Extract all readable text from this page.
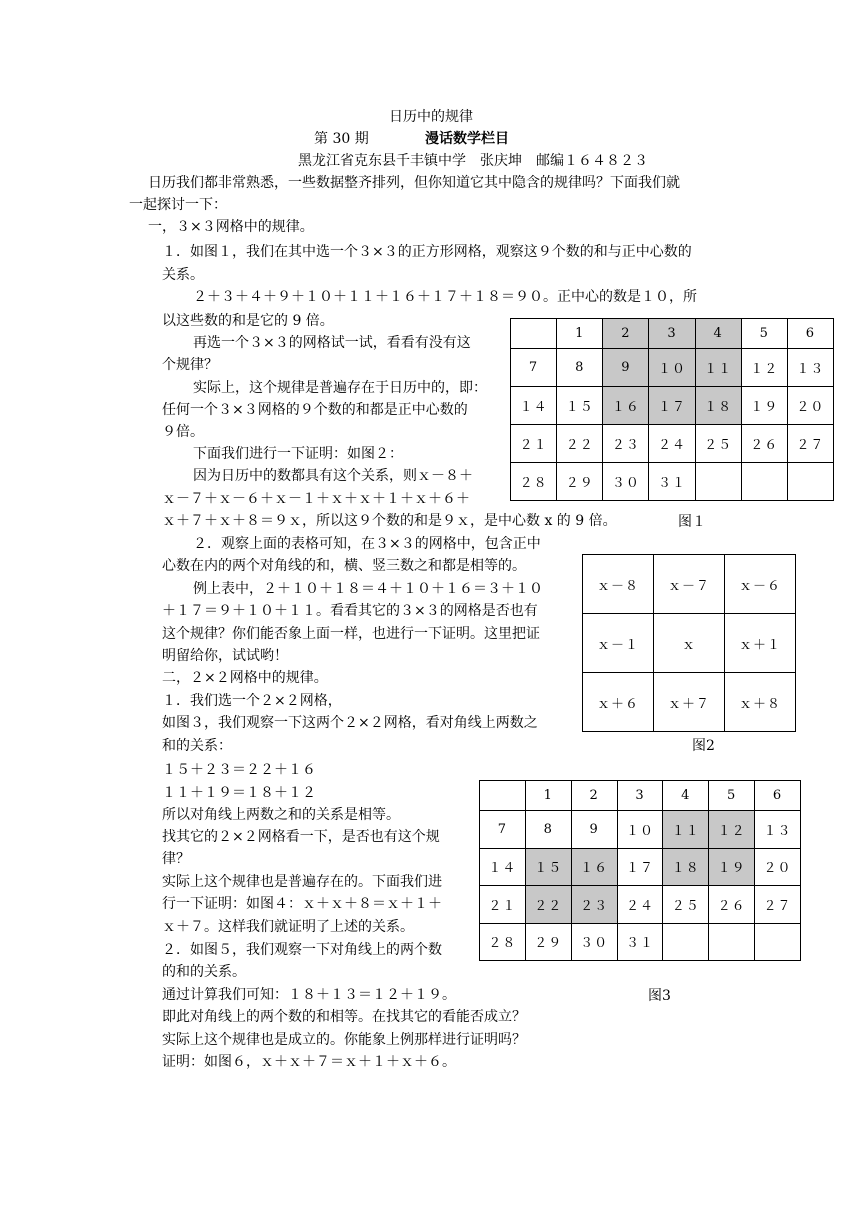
日历中的规律
第 30 期	漫话数学栏目
黑龙江省克东县千丰镇中学　张庆坤　邮编１６４８２３
日历我们都非常熟悉，一些数据整齐排列，但你知道它其中隐含的规律吗？下面我们就
一起探讨一下：
一，３×３网格中的规律。
１．如图１，我们在其中选一个３×３的正方形网格，观察这９个数的和与正中心数的
关系。
２＋３＋４＋９＋１０＋１１＋１６＋１７＋１８＝９０。正中心的数是１０，所
以这些数的和是它的 9 倍。
再选一个３×３的网格试一试，看看有没有这
个规律？
实际上，这个规律是普遍存在于日历中的，即：
任何一个３×３网格的９个数的和都是正中心数的
９倍。
下面我们进行一下证明：如图２：
因为日历中的数都具有这个关系，则ｘ－８＋
ｘ－７＋ｘ－６＋ｘ－１＋ｘ＋ｘ＋１＋ｘ＋６＋
ｘ＋７＋ｘ＋８＝９ｘ，所以这９个数的和是９ｘ，是中心数 x 的 9 倍。
２．观察上面的表格可知，在３×３的网格中，包含正中
心数在内的两个对角线的和，横、竖三数之和都是相等的。
例上表中，２＋１０＋１８＝４＋１０＋１６＝３＋１０
＋１７＝９＋１０＋１１。看看其它的３×３的网格是否也有
这个规律？你们能否象上面一样，也进行一下证明。这里把证
明留给你，试试哟！
二，２×２网格中的规律。
１．我们选一个２×２网格，
如图３，我们观察一下这两个２×２网格，看对角线上两数之
和的关系：
１５＋２３＝２２＋１６
１１＋１９＝１８＋１２
所以对角线上两数之和的关系是相等。
找其它的２×２网格看一下，是否也有这个规
律？
实际上这个规律也是普遍存在的。下面我们进
行一下证明：如图４：ｘ＋ｘ＋８＝ｘ＋１＋
ｘ＋７。这样我们就证明了上述的关系。
２．如图５，我们观察一下对角线上的两个数
的和的关系。
通过计算我们可知：１８＋１３＝１２＋１９。
即此对角线上的两个数的和相等。在找其它的看能否成立？
实际上这个规律也是成立的。你能象上例那样进行证明吗？
证明：如图６，ｘ＋ｘ＋７＝ｘ＋１＋ｘ＋６。
	1	2	3	4	5	6
7	8	9	１０	１１	１２	１３
１４	１５	１６	１７	１８	１９	２０
２１	２２	２３	２４	２５	２６	２７
２８	２９	３０	３１			
图１
ｘ－８	ｘ－７	ｘ－６
ｘ－１	ｘ	ｘ＋１
ｘ＋６	ｘ＋７	ｘ＋８
图2
	1	2	3	4	5	6
7	8	9	１０	１１	１２	１３
１４	１５	１６	１７	１８	１９	２０
２１	２２	２３	２４	２５	２６	２７
２８	２９	３０	３１			
图3
